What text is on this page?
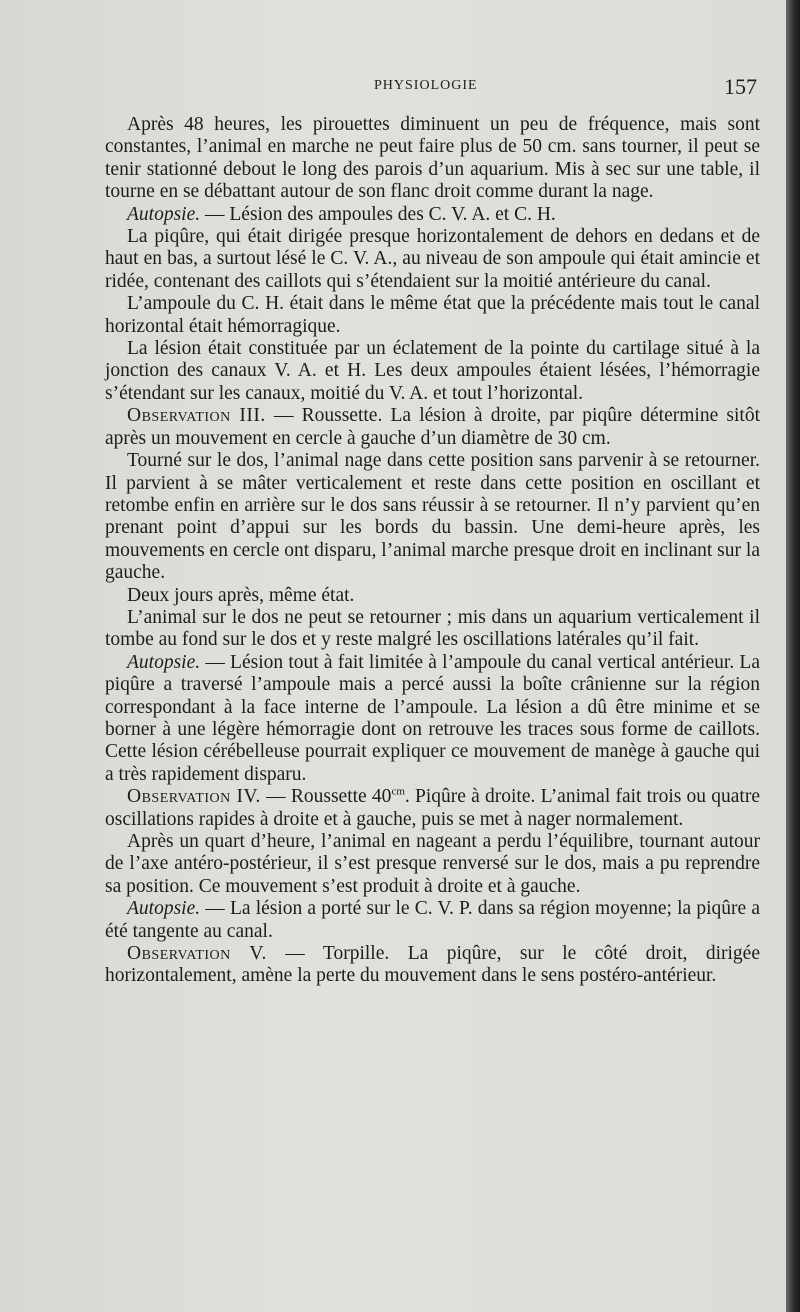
PHYSIOLOGIE	157

Après 48 heures, les pirouettes diminuent un peu de fréquence, mais sont constantes, l’animal en marche ne peut faire plus de 50 cm. sans tourner, il peut se tenir stationné debout le long des parois d’un aquarium. Mis à sec sur une table, il tourne en se débattant autour de son flanc droit comme durant la nage.

Autopsie. — Lésion des ampoules des C. V. A. et C. H.

La piqûre, qui était dirigée presque horizontalement de dehors en dedans et de haut en bas, a surtout lésé le C. V. A., au niveau de son ampoule qui était amincie et ridée, contenant des caillots qui s’étendaient sur la moitié antérieure du canal.

L’ampoule du C. H. était dans le même état que la précédente mais tout le canal horizontal était hémorragique.

La lésion était constituée par un éclatement de la pointe du cartilage situé à la jonction des canaux V. A. et H. Les deux ampoules étaient lésées, l’hémorragie s’étendant sur les canaux, moitié du V. A. et tout l’horizontal.

Observation III. — Roussette. La lésion à droite, par piqûre détermine sitôt après un mouvement en cercle à gauche d’un diamètre de 30 cm.

Tourné sur le dos, l’animal nage dans cette position sans parvenir à se retourner. Il parvient à se mâter verticalement et reste dans cette position en oscillant et retombe enfin en arrière sur le dos sans réussir à se retourner. Il n’y parvient qu’en prenant point d’appui sur les bords du bassin. Une demi-heure après, les mouvements en cercle ont disparu, l’animal marche presque droit en inclinant sur la gauche.

Deux jours après, même état.

L’animal sur le dos ne peut se retourner ; mis dans un aquarium verticalement il tombe au fond sur le dos et y reste malgré les oscillations latérales qu’il fait.

Autopsie. — Lésion tout à fait limitée à l’ampoule du canal vertical antérieur. La piqûre a traversé l’ampoule mais a percé aussi la boîte crânienne sur la région correspondant à la face interne de l’ampoule. La lésion a dû être minime et se borner à une légère hémorragie dont on retrouve les traces sous forme de caillots. Cette lésion cérébelleuse pourrait expliquer ce mouvement de manège à gauche qui a très rapidement disparu.

Observation IV. — Roussette $40^{cm}$. Piqûre à droite. L’animal fait trois ou quatre oscillations rapides à droite et à gauche, puis se met à nager normalement.

Après un quart d’heure, l’animal en nageant a perdu l’équilibre, tournant autour de l’axe antéro-postérieur, il s’est presque renversé sur le dos, mais a pu reprendre sa position. Ce mouvement s’est produit à droite et à gauche.

Autopsie. — La lésion a porté sur le C. V. P. dans sa région moyenne; la piqûre a été tangente au canal.

Observation V. — Torpille. La piqûre, sur le côté droit, dirigée horizontalement, amène la perte du mouvement dans le sens postéro-antérieur.
